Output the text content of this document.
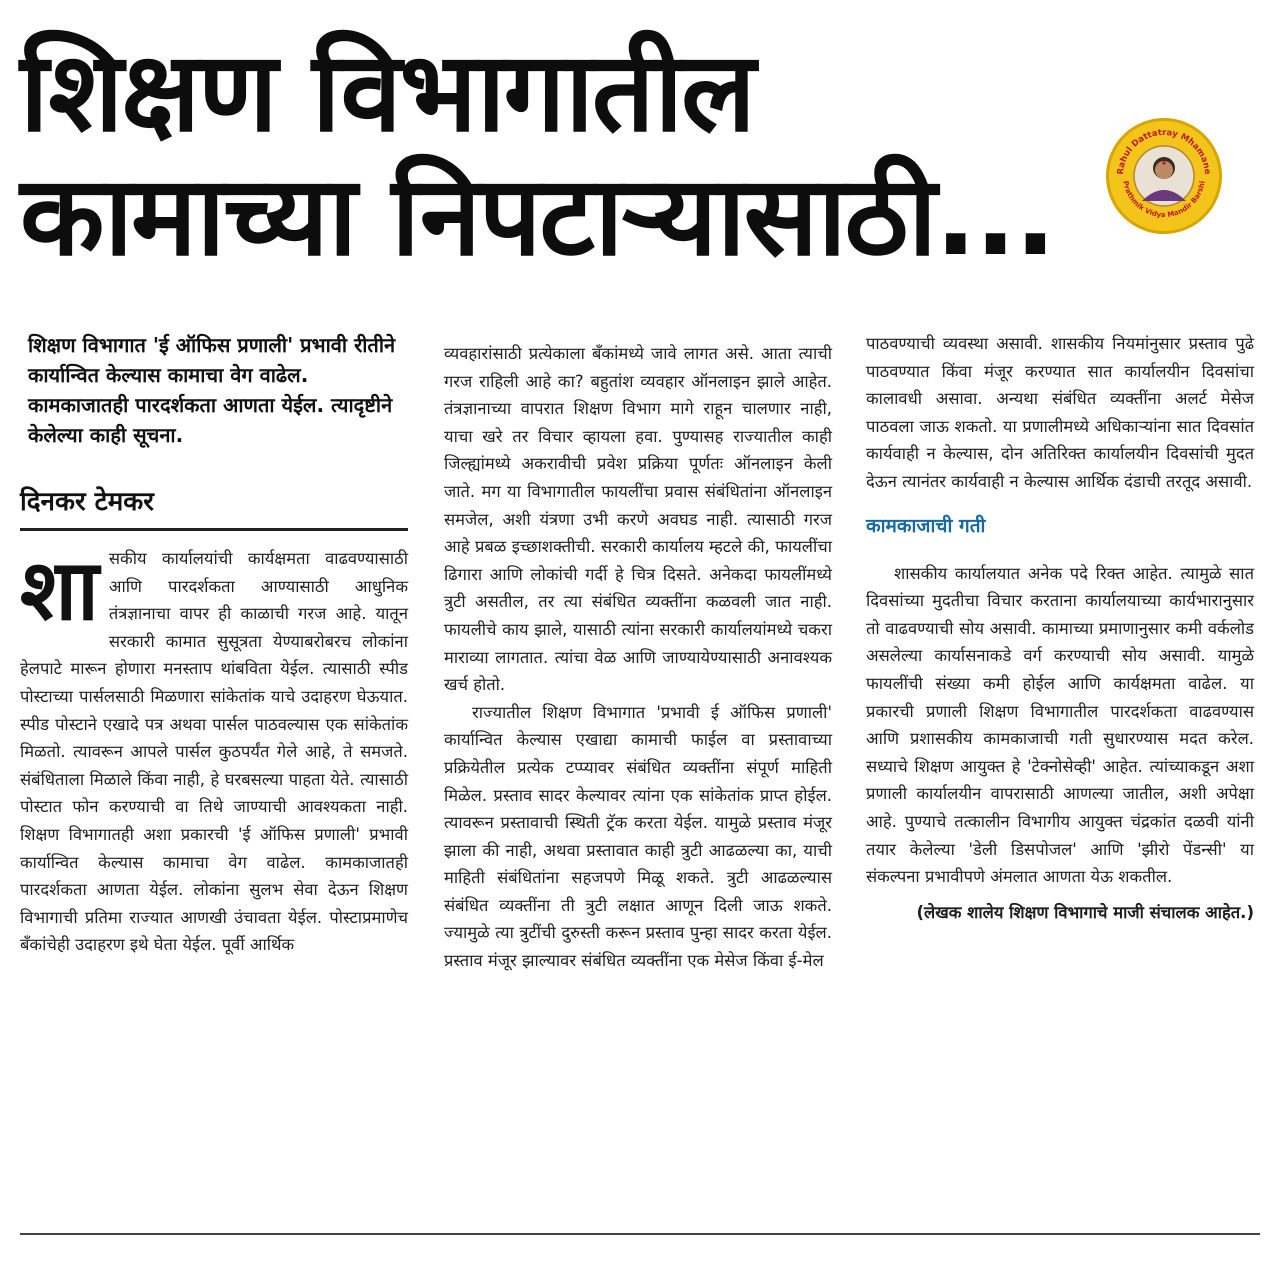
शिक्षण विभागातील
कामाच्या निपटाऱ्यासाठी...	Rahul Dattatray Mhamane
Prathmik Vidya Mandir Barshi

शिक्षण विभागात 'ई ऑफिस प्रणाली' प्रभावी रीतीने कार्यान्वित केल्यास कामाचा वेग वाढेल. कामकाजातही पारदर्शकता आणता येईल. त्यादृष्टीने केलेल्या काही सूचना.

दिनकर टेमकर

शा सकीय कार्यालयांची कार्यक्षमता वाढवण्यासाठी आणि पारदर्शकता आण्यासाठी आधुनिक तंत्रज्ञानाचा वापर ही काळाची गरज आहे. यातून सरकारी कामात सुसूत्रता येण्याबरोबरच लोकांना हेलपाटे मारून होणारा मनस्ताप थांबविता येईल. त्यासाठी स्पीड पोस्टाच्या पार्सलसाठी मिळणारा सांकेतांक याचे उदाहरण घेऊयात. स्पीड पोस्टाने एखादे पत्र अथवा पार्सल पाठवल्यास एक सांकेतांक मिळतो. त्यावरून आपले पार्सल कुठपर्यंत गेले आहे, ते समजते. संबंधिताला मिळाले किंवा नाही, हे घरबसल्या पाहता येते. त्यासाठी पोस्टात फोन करण्याची वा तिथे जाण्याची आवश्यकता नाही. शिक्षण विभागातही अशा प्रकारची 'ई ऑफिस प्रणाली' प्रभावी कार्यान्वित केल्यास कामाचा वेग वाढेल. कामकाजातही पारदर्शकता आणता येईल. लोकांना सुलभ सेवा देऊन शिक्षण विभागाची प्रतिमा राज्यात आणखी उंचावता येईल. पोस्टाप्रमाणेच बँकांचेही उदाहरण इथे घेता येईल. पूर्वी आर्थिक

व्यवहारांसाठी प्रत्येकाला बँकांमध्ये जावे लागत असे. आता त्याची गरज राहिली आहे का? बहुतांश व्यवहार ऑनलाइन झाले आहेत. तंत्रज्ञानाच्या वापरात शिक्षण विभाग मागे राहून चालणार नाही, याचा खरे तर विचार व्हायला हवा. पुण्यासह राज्यातील काही जिल्ह्यांमध्ये अकरावीची प्रवेश प्रक्रिया पूर्णतः ऑनलाइन केली जाते. मग या विभागातील फायलींचा प्रवास संबंधितांना ऑनलाइन समजेल, अशी यंत्रणा उभी करणे अवघड नाही. त्यासाठी गरज आहे प्रबळ इच्छाशक्तीची. सरकारी कार्यालय म्हटले की, फायलींचा ढिगारा आणि लोकांची गर्दी हे चित्र दिसते. अनेकदा फायलींमध्ये त्रुटी असतील, तर त्या संबंधित व्यक्तींना कळवली जात नाही. फायलीचे काय झाले, यासाठी त्यांना सरकारी कार्यालयांमध्ये चकरा माराव्या लागतात. त्यांचा वेळ आणि जाण्यायेण्यासाठी अनावश्यक खर्च होतो.

राज्यातील शिक्षण विभागात 'प्रभावी ई ऑफिस प्रणाली' कार्यान्वित केल्यास एखाद्या कामाची फाईल वा प्रस्तावाच्या प्रक्रियेतील प्रत्येक टप्प्यावर संबंधित व्यक्तींना संपूर्ण माहिती मिळेल. प्रस्ताव सादर केल्यावर त्यांना एक सांकेतांक प्राप्त होईल. त्यावरून प्रस्तावाची स्थिती ट्रॅक करता येईल. यामुळे प्रस्ताव मंजूर झाला की नाही, अथवा प्रस्तावात काही त्रुटी आढळल्या का, याची माहिती संबंधितांना सहजपणे मिळू शकते. त्रुटी आढळल्यास संबंधित व्यक्तींना ती त्रुटी लक्षात आणून दिली जाऊ शकते. ज्यामुळे त्या त्रुटींची दुरुस्ती करून प्रस्ताव पुन्हा सादर करता येईल. प्रस्ताव मंजूर झाल्यावर संबंधित व्यक्तींना एक मेसेज किंवा ई-मेल

पाठवण्याची व्यवस्था असावी. शासकीय नियमांनुसार प्रस्ताव पुढे पाठवण्यात किंवा मंजूर करण्यात सात कार्यालयीन दिवसांचा कालावधी असावा. अन्यथा संबंधित व्यक्तींना अलर्ट मेसेज पाठवला जाऊ शकतो. या प्रणालीमध्ये अधिकाऱ्यांना सात दिवसांत कार्यवाही न केल्यास, दोन अतिरिक्त कार्यालयीन दिवसांची मुदत देऊन त्यानंतर कार्यवाही न केल्यास आर्थिक दंडाची तरतूद असावी.

कामकाजाची गती

शासकीय कार्यालयात अनेक पदे रिक्त आहेत. त्यामुळे सात दिवसांच्या मुदतीचा विचार करताना कार्यालयाच्या कार्यभारानुसार तो वाढवण्याची सोय असावी. कामाच्या प्रमाणानुसार कमी वर्कलोड असलेल्या कार्यासनाकडे वर्ग करण्याची सोय असावी. यामुळे फायलींची संख्या कमी होईल आणि कार्यक्षमता वाढेल. या प्रकारची प्रणाली शिक्षण विभागातील पारदर्शकता वाढवण्यास आणि प्रशासकीय कामकाजाची गती सुधारण्यास मदत करेल. सध्याचे शिक्षण आयुक्त हे 'टेक्नोसेव्ही' आहेत. त्यांच्याकडून अशा प्रणाली कार्यालयीन वापरासाठी आणल्या जातील, अशी अपेक्षा आहे. पुण्याचे तत्कालीन विभागीय आयुक्त चंद्रकांत दळवी यांनी तयार केलेल्या 'डेली डिसपोजल' आणि 'झीरो पेंडन्सी' या संकल्पना प्रभावीपणे अंमलात आणता येऊ शकतील.

(लेखक शालेय शिक्षण विभागाचे माजी संचालक आहेत.)
